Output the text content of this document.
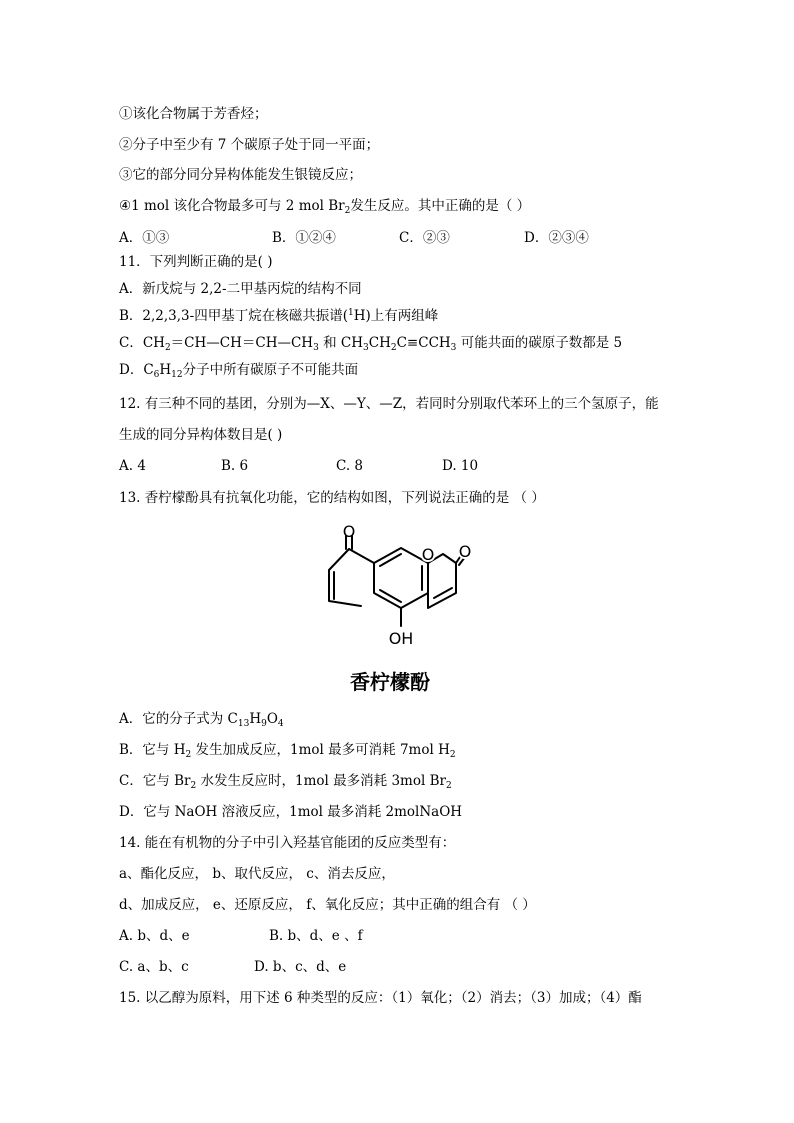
①该化合物属于芳香烃；
②分子中至少有 7 个碳原子处于同一平面；
③它的部分同分异构体能发生银镜反应；
④1 mol 该化合物最多可与 2 mol $Br_2$发生反应。其中正确的是（ ）
A．①③	B．①②④	C．②③	D．②③④
11．下列判断正确的是( )
A．新戊烷与 2,2-二甲基丙烷的结构不同
B．2,2,3,3-四甲基丁烷在核磁共振谱($^1$H)上有两组峰
C．$CH_2=CH—CH=CH—CH_3$ 和 $CH_3CH_2C\equiv CCH_3$ 可能共面的碳原子数都是 5
D．$C_6H_{12}$分子中所有碳原子不可能共面
12. 有三种不同的基团，分别为—X、—Y、—Z，若同时分别取代苯环上的三个氢原子，能
生成的同分异构体数目是( )
A. 4	B. 6	C. 8	D. 10
13. 香柠檬酚具有抗氧化功能，它的结构如图，下列说法正确的是 （ ）
O
O O
OH
香柠檬酚
A．它的分子式为 $C_{13}H_9O_4$
B．它与 $H_2$ 发生加成反应，1mol 最多可消耗 7mol $H_2$
C．它与 $Br_2$ 水发生反应时，1mol 最多消耗 3mol $Br_2$
D．它与 NaOH 溶液反应，1mol 最多消耗 2molNaOH
14. 能在有机物的分子中引入羟基官能团的反应类型有：
a、酯化反应， b、取代反应， c、消去反应，
d、加成反应， e、还原反应， f、氧化反应；其中正确的组合有 （ ）
A. b、d、e	B. b、d、e 、f
C. a、b、c	D. b、c、d、e
15. 以乙醇为原料，用下述 6 种类型的反应：（1）氧化；（2）消去；（3）加成；（4）酯
